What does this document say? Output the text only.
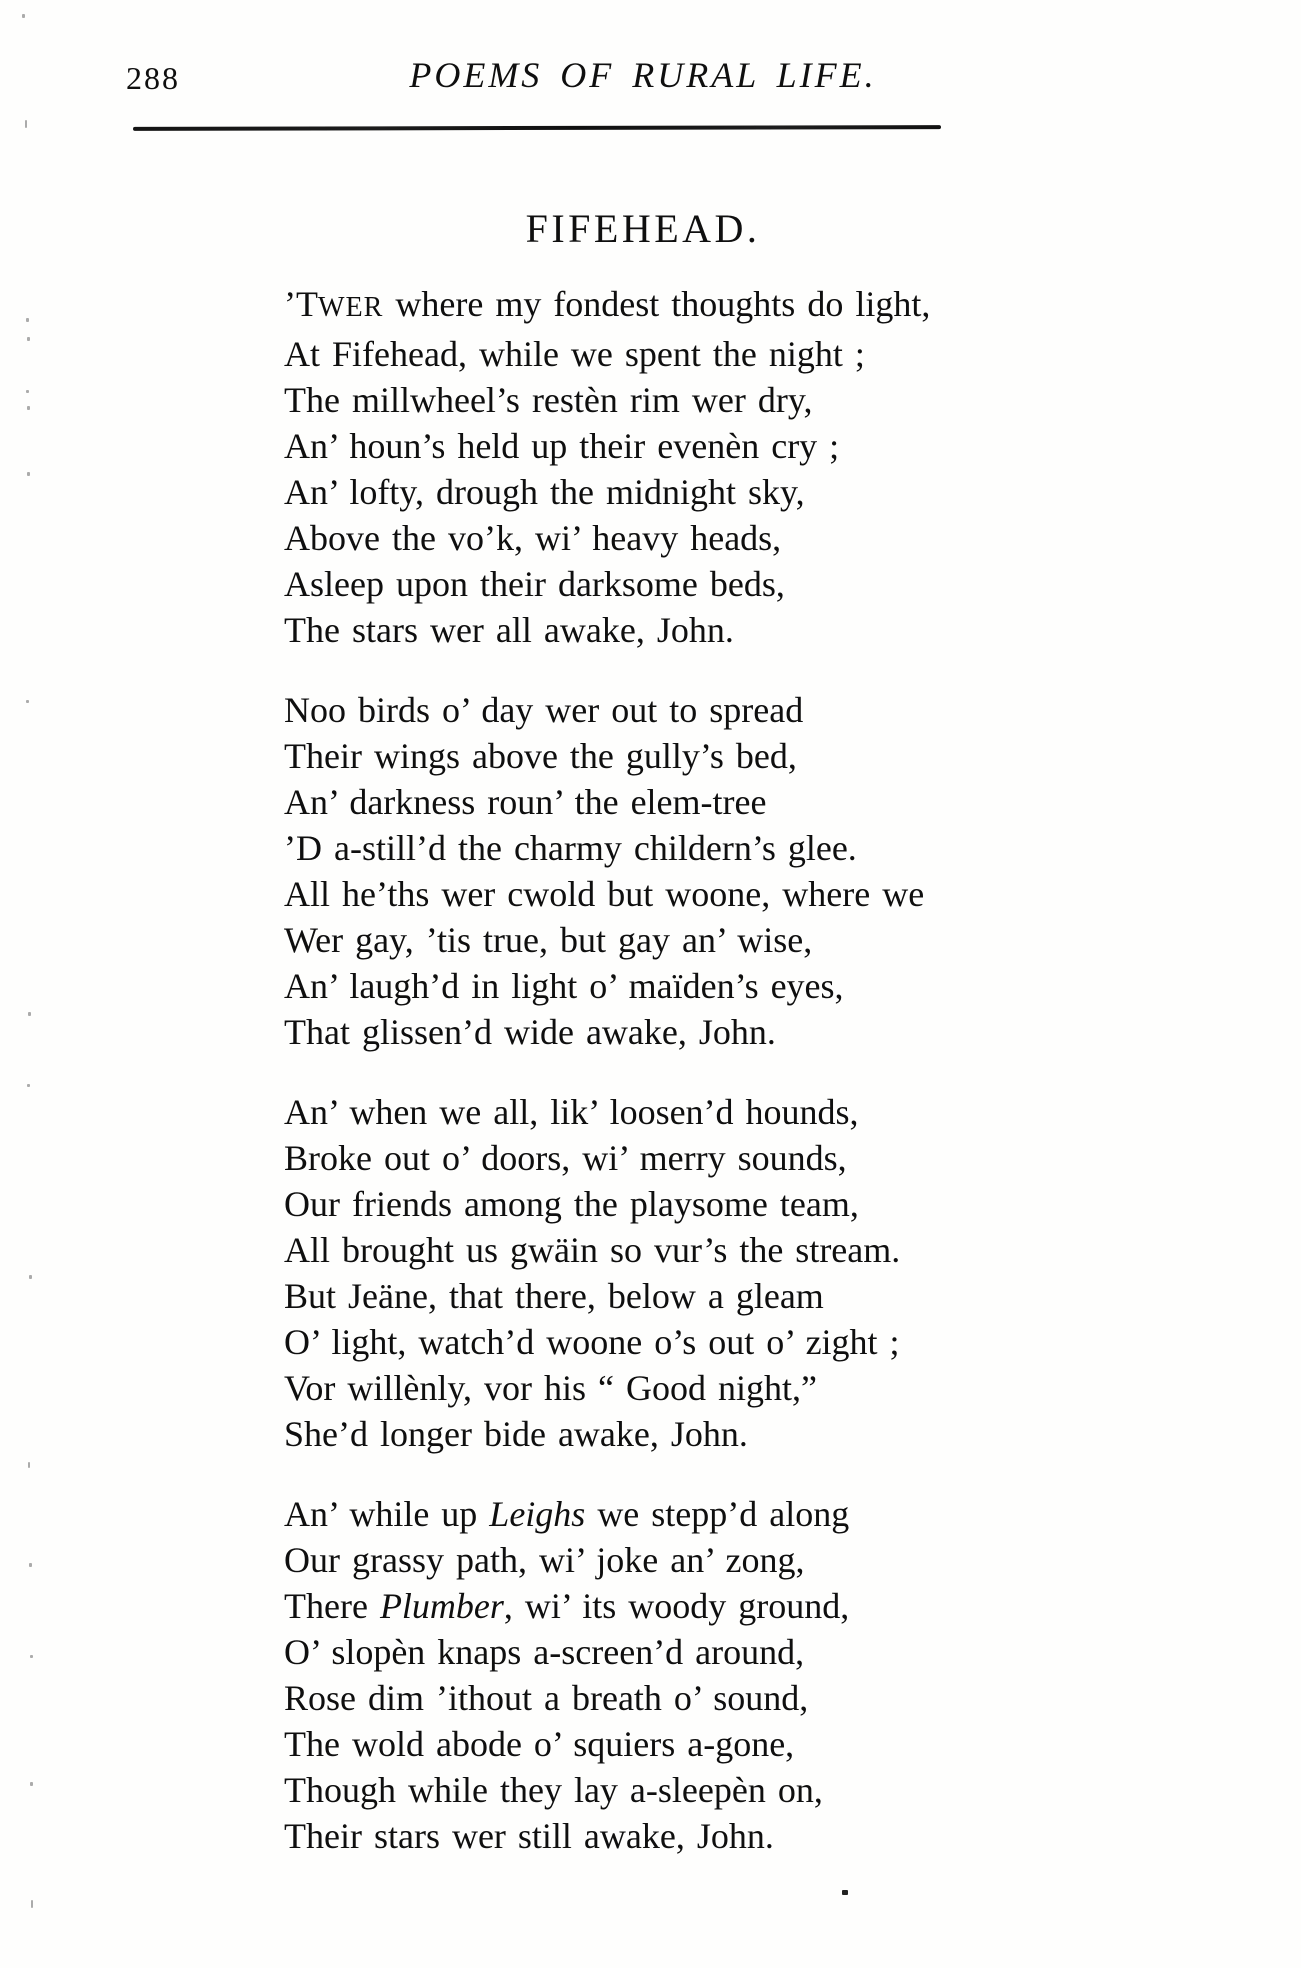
288	POEMS OF RURAL LIFE.
FIFEHEAD.
’TWER where my fondest thoughts do light,
At Fifehead, while we spent the night ;
The millwheel’s restèn rim wer dry,
An’ houn’s held up their evenèn cry ;
An’ lofty, drough the midnight sky,
Above the vo’k, wi’ heavy heads,
Asleep upon their darksome beds,
The stars wer all awake, John.
Noo birds o’ day wer out to spread
Their wings above the gully’s bed,
An’ darkness roun’ the elem-tree
’D a-still’d the charmy childern’s glee.
All he’ths wer cwold but woone, where we
Wer gay, ’tis true, but gay an’ wise,
An’ laugh’d in light o’ maïden’s eyes,
That glissen’d wide awake, John.
An’ when we all, lik’ loosen’d hounds,
Broke out o’ doors, wi’ merry sounds,
Our friends among the playsome team,
All brought us gwäin so vur’s the stream.
But Jeäne, that there, below a gleam
O’ light, watch’d woone o’s out o’ zight ;
Vor willènly, vor his “ Good night,”
She’d longer bide awake, John.
An’ while up Leighs we stepp’d along
Our grassy path, wi’ joke an’ zong,
There Plumber, wi’ its woody ground,
O’ slopèn knaps a-screen’d around,
Rose dim ’ithout a breath o’ sound,
The wold abode o’ squiers a-gone,
Though while they lay a-sleepèn on,
Their stars wer still awake, John.
